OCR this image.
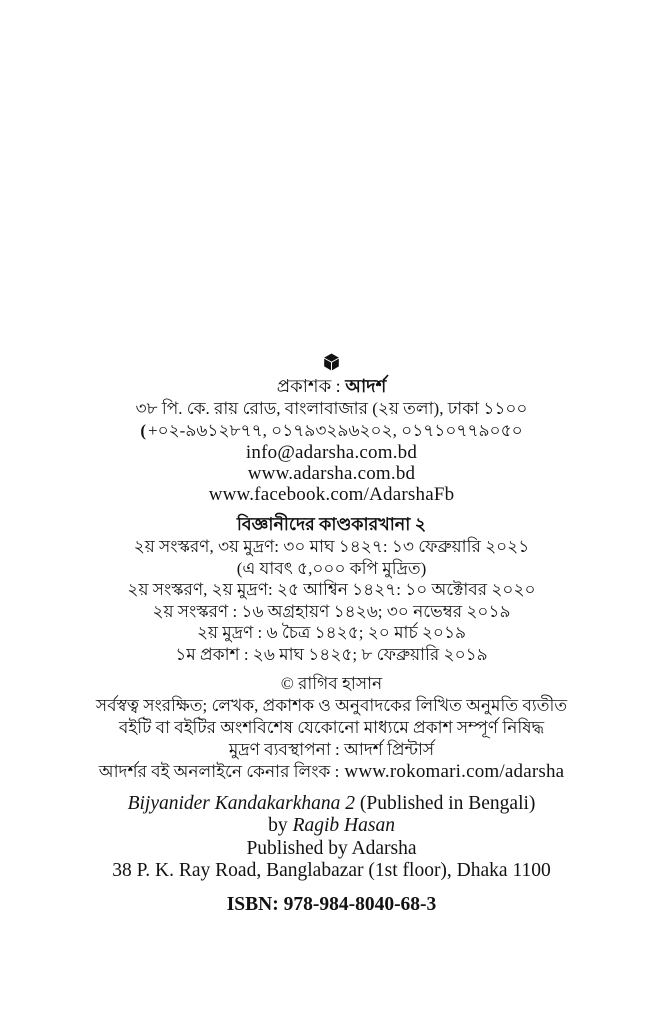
প্রকাশক : আদর্শ
৩৮ পি. কে. রায় রোড, বাংলাবাজার (২য় তলা), ঢাকা ১১০০
( +০২-৯৬১২৮৭৭, ০১৭৯৩২৯৬২০২, ০১৭১০৭৭৯০৫০
info@adarsha.com.bd
www.adarsha.com.bd
www.facebook.com/AdarshaFb
বিজ্ঞানীদের কাণ্ডকারখানা ২
২য় সংস্করণ, ৩য় মুদ্রণ: ৩০ মাঘ ১৪২৭: ১৩ ফেব্রুয়ারি ২০২১
(এ যাবৎ ৫,০০০ কপি মুদ্রিত)
২য় সংস্করণ, ২য় মুদ্রণ: ২৫ আশ্বিন ১৪২৭: ১০ অক্টোবর ২০২০
২য় সংস্করণ : ১৬ অগ্রহায়ণ ১৪২৬; ৩০ নভেম্বর ২০১৯
২য় মুদ্রণ : ৬ চৈত্র ১৪২৫; ২০ মার্চ ২০১৯
১ম প্রকাশ : ২৬ মাঘ ১৪২৫; ৮ ফেব্রুয়ারি ২০১৯
© রাগিব হাসান
সর্বস্বত্ব সংরক্ষিত; লেখক, প্রকাশক ও অনুবাদকের লিখিত অনুমতি ব্যতীত
বইটি বা বইটির অংশবিশেষ যেকোনো মাধ্যমে প্রকাশ সম্পূর্ণ নিষিদ্ধ
মুদ্রণ ব্যবস্থাপনা : আদর্শ প্রিন্টার্স
আদর্শর বই অনলাইনে কেনার লিংক : www.rokomari.com/adarsha
Bijyanider Kandakarkhana 2 (Published in Bengali)
by Ragib Hasan
Published by Adarsha
38 P. K. Ray Road, Banglabazar (1st floor), Dhaka 1100
ISBN: 978-984-8040-68-3
